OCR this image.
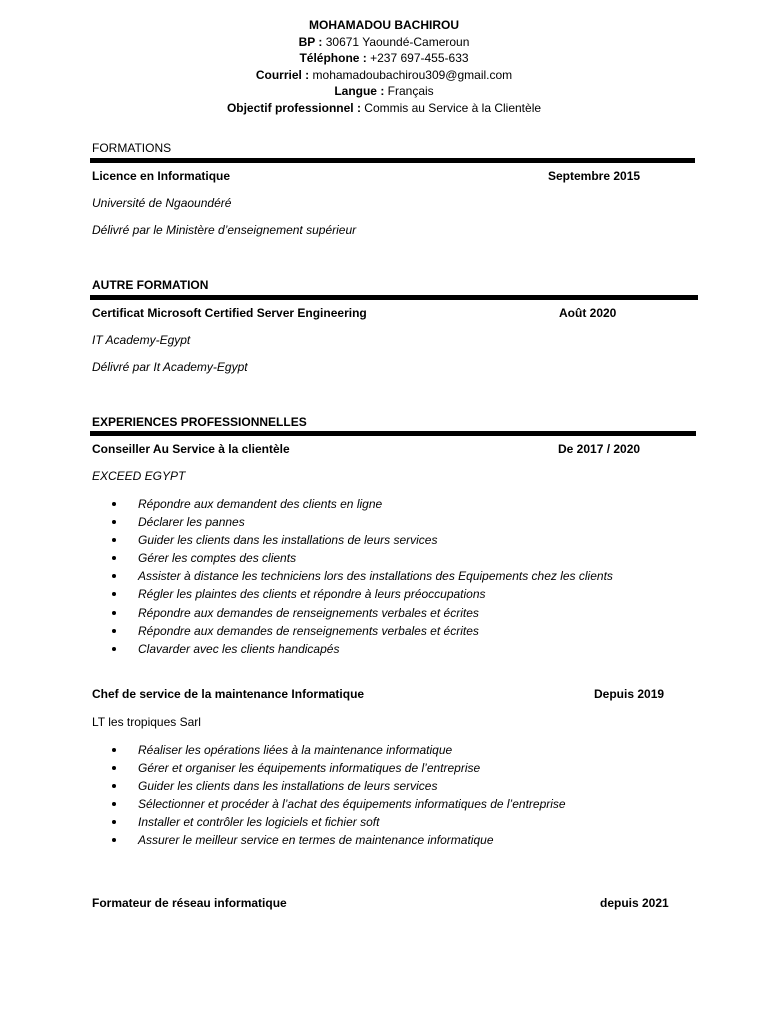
MOHAMADOU BACHIROU
BP : 30671 Yaoundé-Cameroun
Téléphone : +237 697-455-633
Courriel : mohamadoubachirou309@gmail.com
Langue : Français
Objectif professionnel : Commis au Service à la Clientèle
FORMATIONS
Licence en Informatique	Septembre 2015
Université de Ngaoundéré
Délivré par le Ministère d’enseignement supérieur
AUTRE FORMATION
Certificat Microsoft Certified Server Engineering	Août 2020
IT Academy-Egypt
Délivré par It Academy-Egypt
EXPERIENCES PROFESSIONNELLES
Conseiller Au Service à la clientèle	De 2017 / 2020
EXCEED EGYPT
Répondre aux demandent des clients en ligne
Déclarer les pannes
Guider les clients dans les installations de leurs services
Gérer les comptes des clients
Assister à distance les techniciens lors des installations des Equipements chez les clients
Régler les plaintes des clients et répondre à leurs préoccupations
Répondre aux demandes de renseignements verbales et écrites
Répondre aux demandes de renseignements verbales et écrites
Clavarder avec les clients handicapés
Chef de service de la maintenance Informatique	Depuis 2019
LT les tropiques Sarl
Réaliser les opérations liées à la maintenance informatique
Gérer et organiser les équipements informatiques de l’entreprise
Guider les clients dans les installations de leurs services
Sélectionner et procéder à l’achat des équipements informatiques de l’entreprise
Installer et contrôler les logiciels et fichier soft
Assurer le meilleur service en termes de maintenance informatique
Formateur de réseau informatique	depuis 2021
